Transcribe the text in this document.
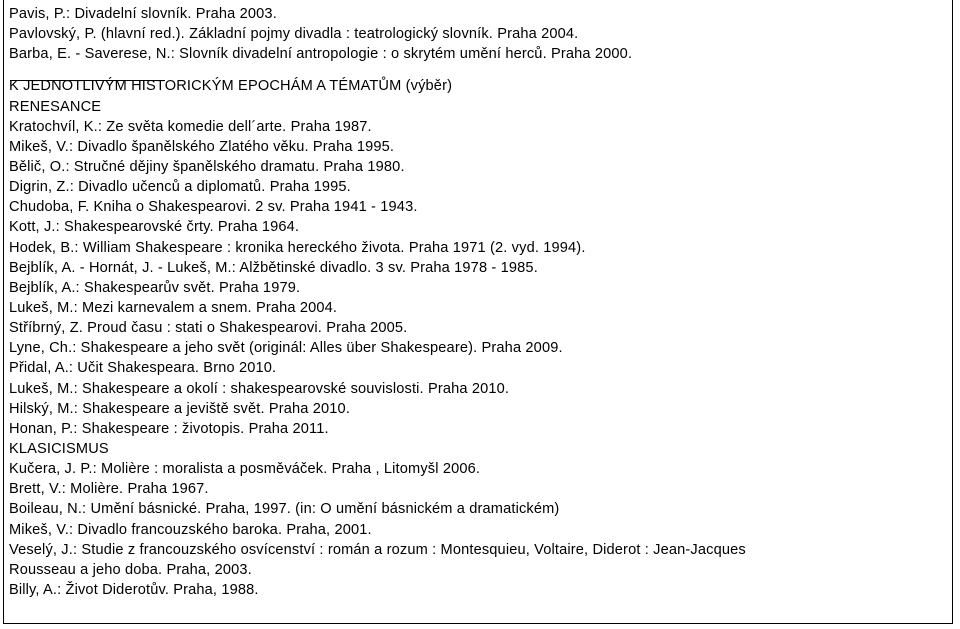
Pavis, P.: Divadelní slovník. Praha 2003.
Pavlovský, P. (hlavní red.). Základní pojmy divadla : teatrologický slovník. Praha 2004.
Barba, E. - Saverese, N.: Slovník divadelní antropologie : o skrytém umění herců. Praha 2000.
K JEDNOTLIVÝM HISTORICKÝM EPOCHÁM A TÉMATŮM (výběr)
RENESANCE
Kratochvíl, K.: Ze světa komedie dell´arte. Praha 1987.
Mikeš, V.: Divadlo španělského Zlatého věku. Praha 1995.
Bělič, O.: Stručné dějiny španělského dramatu. Praha 1980.
Digrin, Z.: Divadlo učenců a diplomatů. Praha 1995.
Chudoba, F. Kniha o Shakespearovi. 2 sv. Praha 1941 - 1943.
Kott, J.: Shakespearovské črty. Praha 1964.
Hodek, B.: William Shakespeare : kronika hereckého života. Praha 1971 (2. vyd. 1994).
Bejblík, A. - Hornát, J. - Lukeš, M.: Alžbětinské divadlo. 3 sv. Praha 1978 - 1985.
Bejblík, A.: Shakespearův svět. Praha 1979.
Lukeš, M.: Mezi karnevalem a snem. Praha 2004.
Stříbrný, Z. Proud času : stati o Shakespearovi. Praha 2005.
Lyne, Ch.: Shakespeare a jeho svět (originál: Alles über Shakespeare). Praha 2009.
Přidal, A.: Učit Shakespeara. Brno 2010.
Lukeš, M.: Shakespeare a okolí : shakespearovské souvislosti. Praha 2010.
Hilský, M.: Shakespeare a jeviště svět. Praha 2010.
Honan, P.: Shakespeare : životopis. Praha 2011.
KLASICISMUS
Kučera, J. P.: Molière : moralista a posměváček. Praha , Litomyšl 2006.
Brett, V.: Molière. Praha 1967.
Boileau, N.: Umění básnické. Praha, 1997. (in: O umění básnickém a dramatickém)
Mikeš, V.: Divadlo francouzského baroka. Praha, 2001.
Veselý, J.: Studie z francouzského osvícenství : román a rozum : Montesquieu, Voltaire, Diderot : Jean-Jacques
Rousseau a jeho doba. Praha, 2003.
Billy, A.: Život Diderotův. Praha, 1988.
